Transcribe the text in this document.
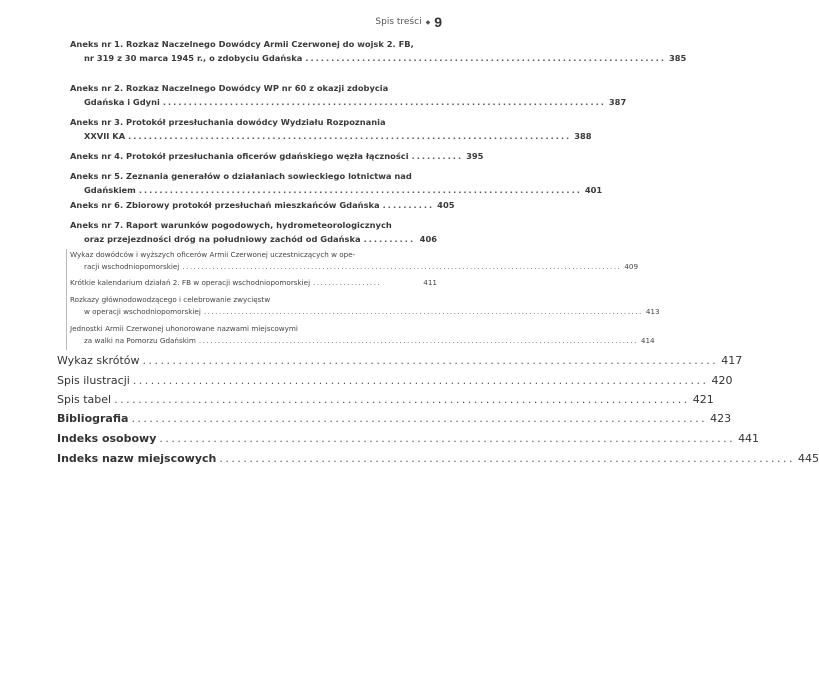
Spis treści ◆ 9
Aneks nr 1. Rozkaz Naczelnego Dowódcy Armii Czerwonej do wojsk 2. FB,
nr 319 z 30 marca 1945 r., o zdobyciu Gdańska ...................................................................... 385
Aneks nr 2. Rozkaz Naczelnego Dowódcy WP nr 60 z okazji zdobycia
Gdańska i Gdyni ...................................................................................... 387
Aneks nr 3. Protokół przesłuchania dowódcy Wydziału Rozpoznania
XXVII KA ...................................................................................... 388
Aneks nr 4. Protokół przesłuchania oficerów gdańskiego węzła łączności .......... 395
Aneks nr 5. Zeznania generałów o działaniach sowieckiego lotnictwa nad
Gdańskiem ...................................................................................... 401
Aneks nr 6. Zbiorowy protokół przesłuchań mieszkańców Gdańska .......... 405
Aneks nr 7. Raport warunków pogodowych, hydrometeorologicznych
oraz przejezdności dróg na południowy zachód od Gdańska .......... 406
Wykaz dowódców i wyższych oficerów Armii Czerwonej uczestniczących w ope-
racji wschodniopomorskiej .................................................................................................................... 409
Krótkie kalendarium działań 2. FB w operacji wschodniopomorskiej ..................	411
Rozkazy głównodowodzącego i celebrowanie zwycięstw
w operacji wschodniopomorskiej .................................................................................................................... 413
Jednostki Armii Czerwonej uhonorowane nazwami miejscowymi
za walki na Pomorzu Gdańskim .................................................................................................................... 414
Wykaz skrótów ................................................................................................ 417
Spis ilustracji ................................................................................................ 420
Spis tabel ................................................................................................ 421
Bibliografia ................................................................................................ 423
Indeks osobowy ................................................................................................ 441
Indeks nazw miejscowych ................................................................................................ 445
